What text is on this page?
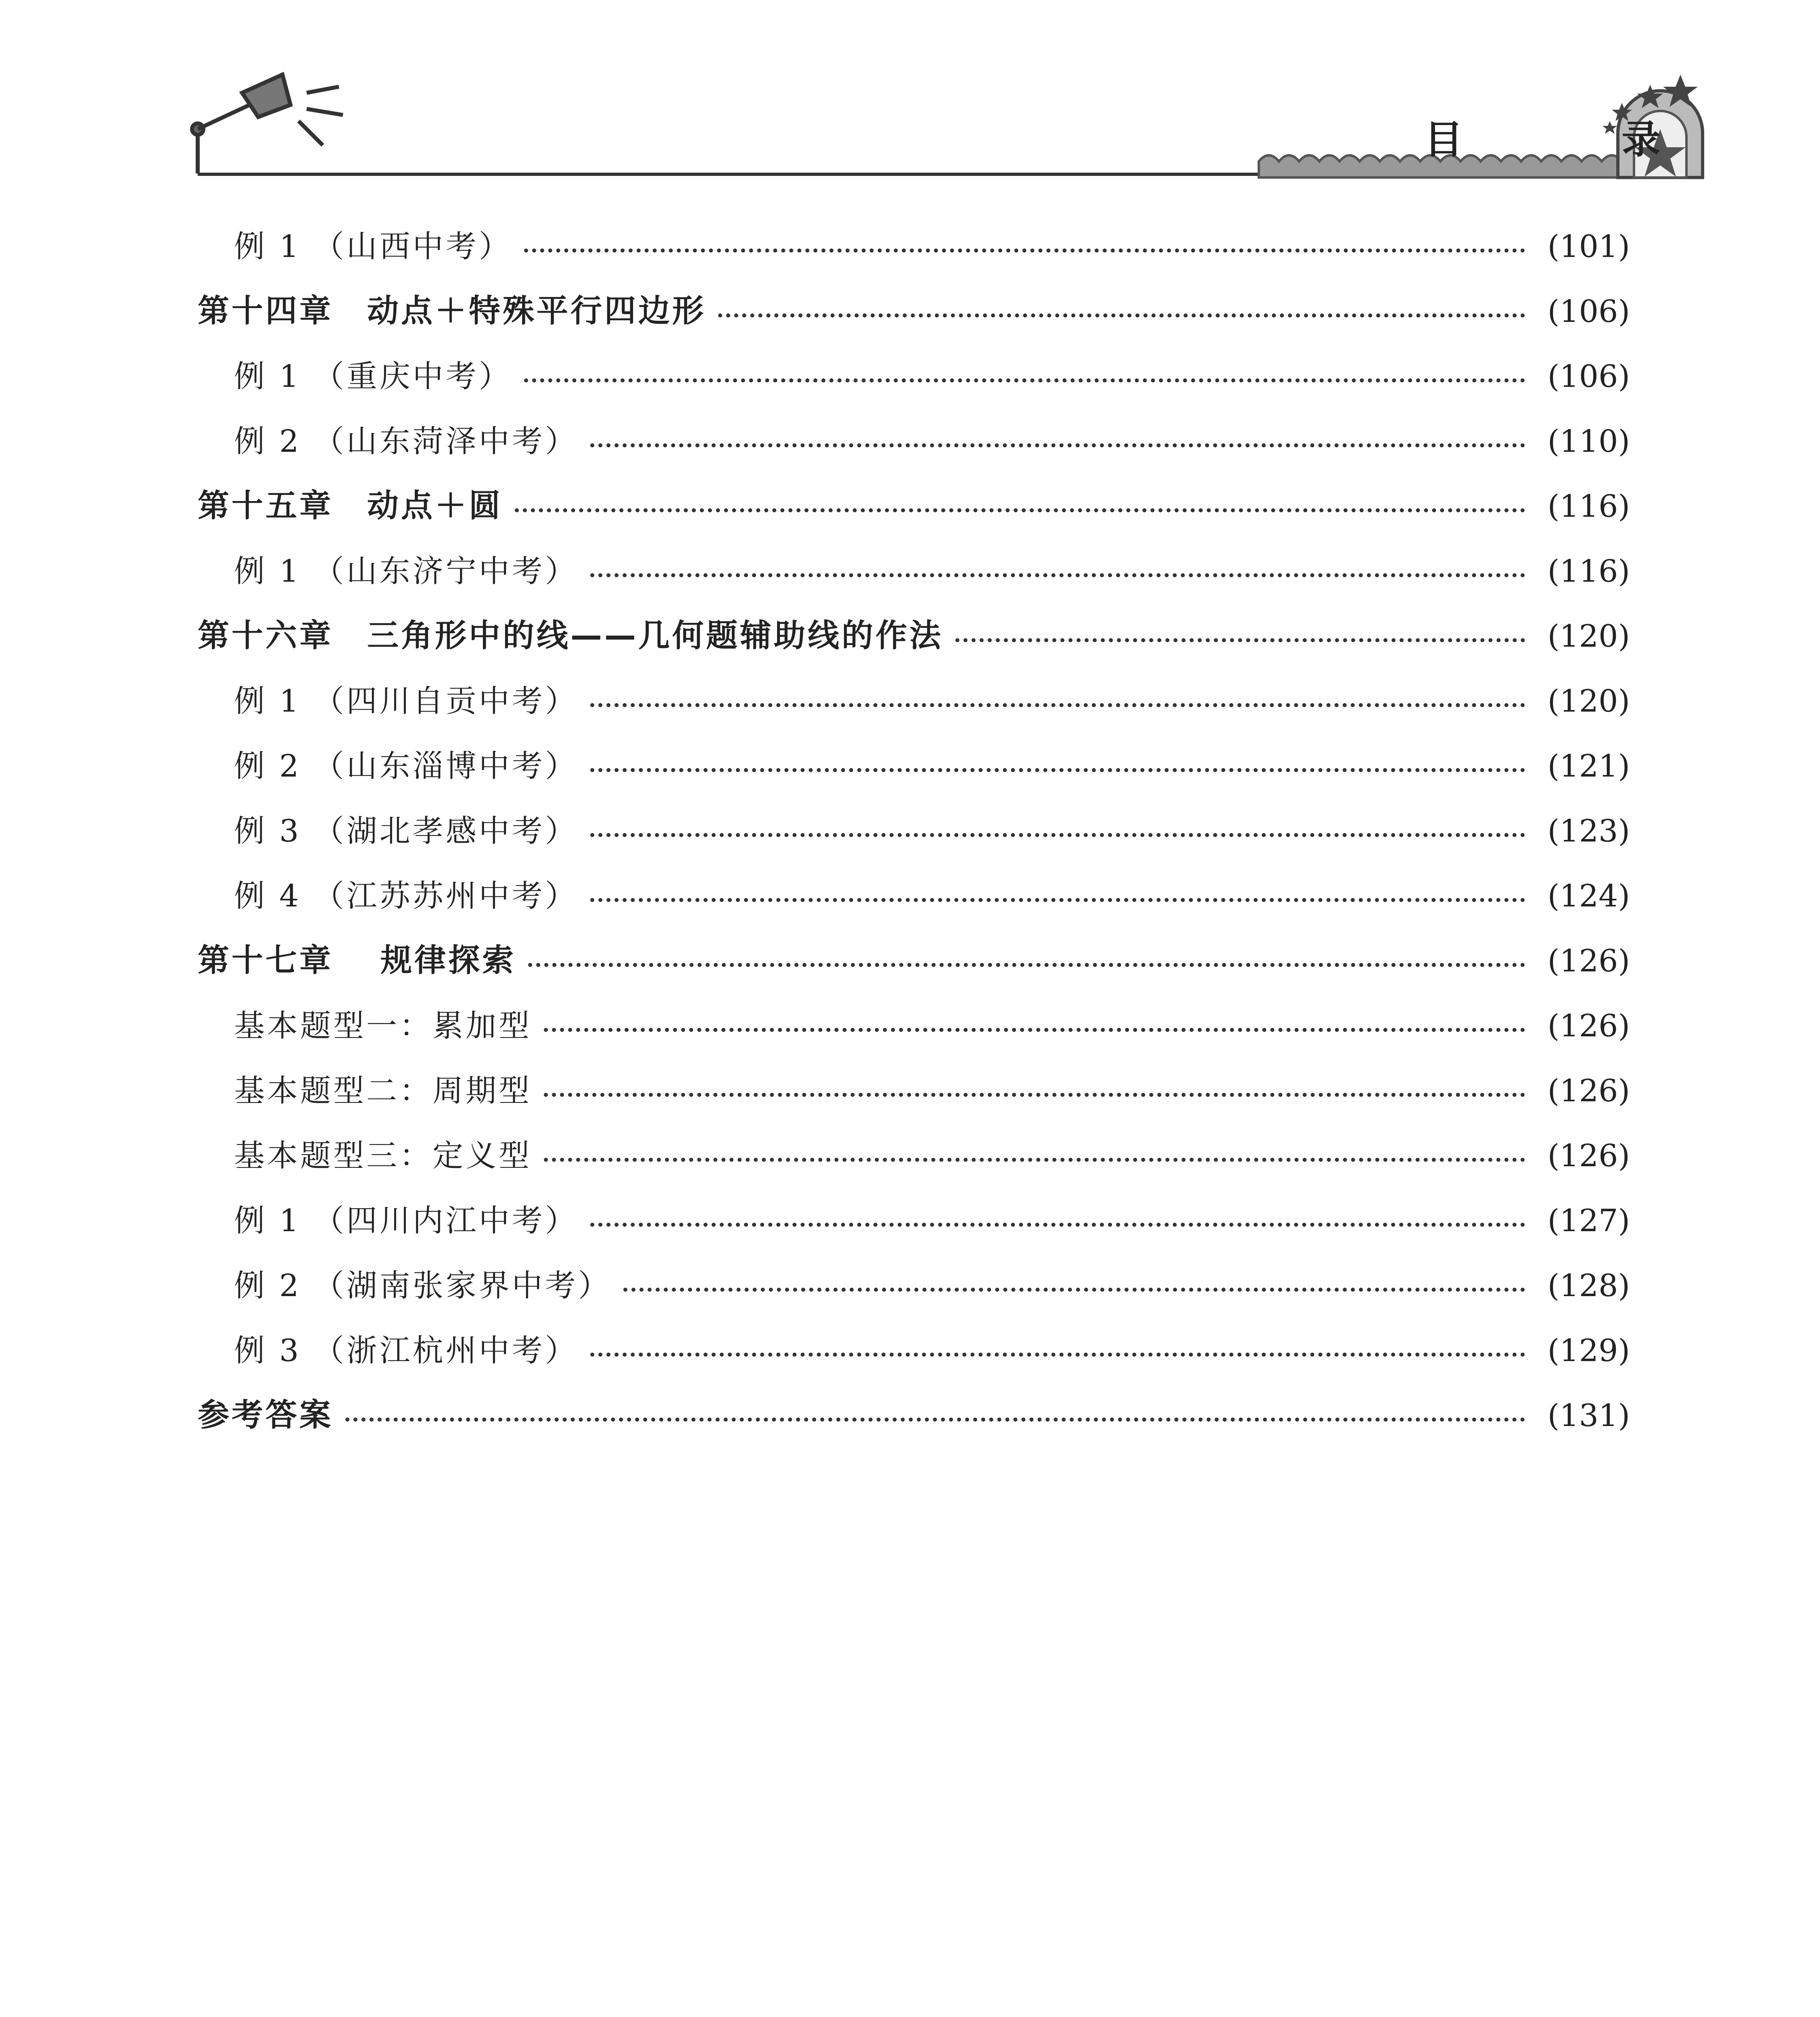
目 录
例 1 （山西中考）	(101)
第十四章　动点＋特殊平行四边形	(106)
例 1 （重庆中考）	(106)
例 2 （山东菏泽中考）	(110)
第十五章　动点＋圆	(116)
例 1 （山东济宁中考）	(116)
第十六章　三角形中的线——几何题辅助线的作法	(120)
例 1 （四川自贡中考）	(120)
例 2 （山东淄博中考）	(121)
例 3 （湖北孝感中考）	(123)
例 4 （江苏苏州中考）	(124)
第十七章　 规律探索	(126)
基本题型一：累加型	(126)
基本题型二：周期型	(126)
基本题型三：定义型	(126)
例 1 （四川内江中考）	(127)
例 2 （湖南张家界中考）	(128)
例 3 （浙江杭州中考）	(129)
参考答案	(131)
